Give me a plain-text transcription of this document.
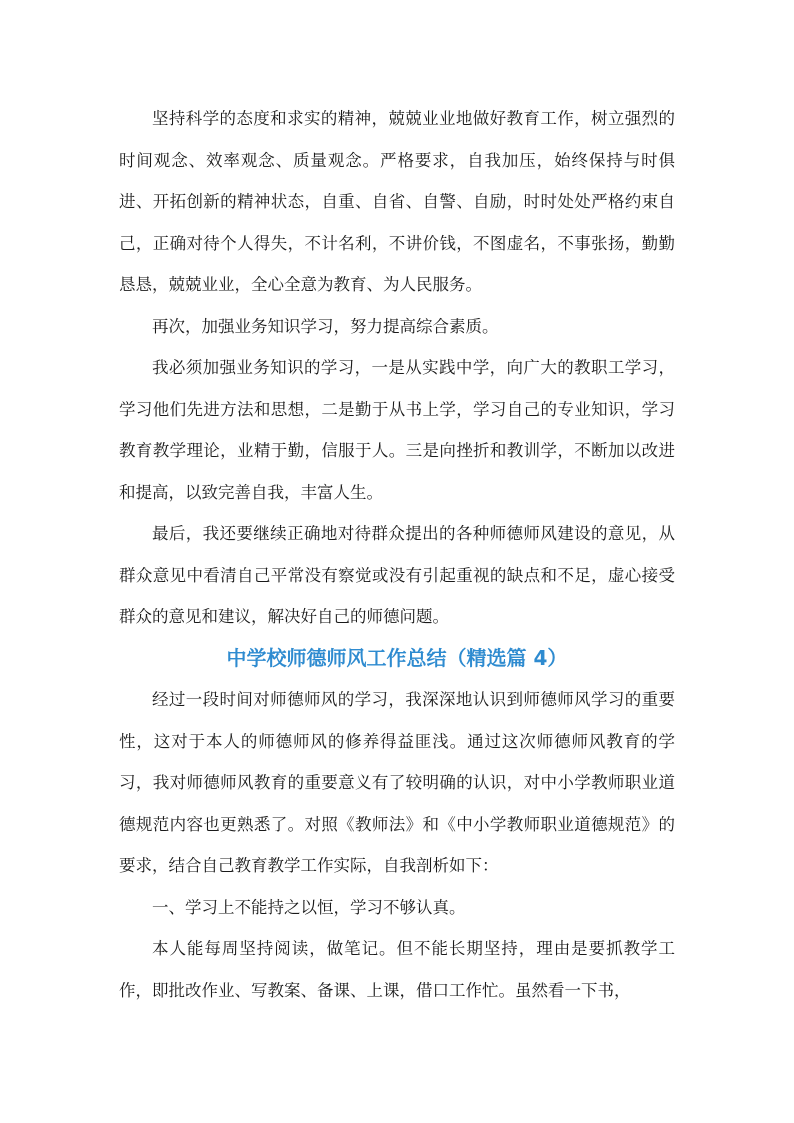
坚持科学的态度和求实的精神，兢兢业业地做好教育工作，树立强烈的时间观念、效率观念、质量观念。严格要求，自我加压，始终保持与时俱进、开拓创新的精神状态，自重、自省、自警、自励，时时处处严格约束自己，正确对待个人得失，不计名利，不讲价钱，不图虚名，不事张扬，勤勤恳恳，兢兢业业，全心全意为教育、为人民服务。

再次，加强业务知识学习，努力提高综合素质。

我必须加强业务知识的学习，一是从实践中学，向广大的教职工学习，学习他们先进方法和思想，二是勤于从书上学，学习自己的专业知识，学习教育教学理论，业精于勤，信服于人。三是向挫折和教训学，不断加以改进和提高，以致完善自我，丰富人生。

最后，我还要继续正确地对待群众提出的各种师德师风建设的意见，从群众意见中看清自己平常没有察觉或没有引起重视的缺点和不足，虚心接受群众的意见和建议，解决好自己的师德问题。

中学校师德师风工作总结（精选篇 4）

经过一段时间对师德师风的学习，我深深地认识到师德师风学习的重要性，这对于本人的师德师风的修养得益匪浅。通过这次师德师风教育的学习，我对师德师风教育的重要意义有了较明确的认识，对中小学教师职业道德规范内容也更熟悉了。对照《教师法》和《中小学教师职业道德规范》的要求，结合自己教育教学工作实际，自我剖析如下：

一、学习上不能持之以恒，学习不够认真。

本人能每周坚持阅读，做笔记。但不能长期坚持，理由是要抓教学工作，即批改作业、写教案、备课、上课，借口工作忙。虽然看一下书，
